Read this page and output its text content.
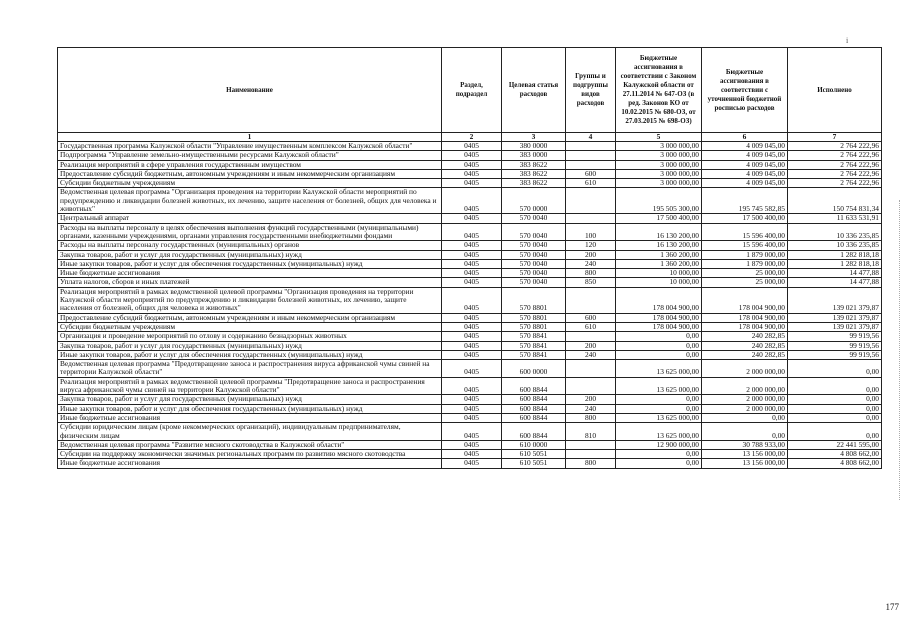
і
Наименование	Раздел, подраздел	Целевая статья расходов	Группы и подгруппы видов расходов	Бюджетные ассигнования в соответствии с Законом Калужской области от 27.11.2014 № 647-ОЗ (в ред. Законов КО от 10.02.2015 № 680-ОЗ, от 27.03.2015 № 698-ОЗ)	Бюджетные ассигнования в соответствии с уточненной бюджетной росписью расходов	Исполнено
1	2	3	4	5	6	7
Государственная программа Калужской области "Управление имущественным комплексом Калужской области"	0405	380 0000		3 000 000,00	4 009 045,00	2 764 222,96
Подпрограмма "Управление земельно-имущественными ресурсами Калужской области"	0405	383 0000		3 000 000,00	4 009 045,00	2 764 222,96
Реализация мероприятий в сфере управления государственным имуществом	0405	383 8622		3 000 000,00	4 009 045,00	2 764 222,96
Предоставление субсидий бюджетным, автономным учреждениям и иным некоммерческим организациям	0405	383 8622	600	3 000 000,00	4 009 045,00	2 764 222,96
Субсидии бюджетным учреждениям	0405	383 8622	610	3 000 000,00	4 009 045,00	2 764 222,96
Ведомственная целевая программа "Организация проведения на территории Калужской области мероприятий по предупреждению и ликвидации болезней животных, их лечению, защите населения от болезней, общих для человека и животных"	0405	570 0000		195 505 300,00	195 745 582,85	150 754 831,34
Центральный аппарат	0405	570 0040		17 500 400,00	17 500 400,00	11 633 531,91
Расходы на выплаты персоналу в целях обеспечения выполнения функций государственными (муниципальными) органами, казенными учреждениями, органами управления государственными внебюджетными фондами	0405	570 0040	100	16 130 200,00	15 596 400,00	10 336 235,85
Расходы на выплаты персоналу государственных (муниципальных) органов	0405	570 0040	120	16 130 200,00	15 596 400,00	10 336 235,85
Закупка товаров, работ и услуг для государственных (муниципальных) нужд	0405	570 0040	200	1 360 200,00	1 879 000,00	1 282 818,18
Иные закупки товаров, работ и услуг для обеспечения государственных (муниципальных) нужд	0405	570 0040	240	1 360 200,00	1 879 000,00	1 282 818,18
Иные бюджетные ассигнования	0405	570 0040	800	10 000,00	25 000,00	14 477,88
Уплата налогов, сборов и иных платежей	0405	570 0040	850	10 000,00	25 000,00	14 477,88
Реализация мероприятий в рамках ведомственной целевой программы "Организация проведения на территории Калужской области мероприятий по предупреждению и ликвидации болезней животных, их лечению, защите населения от болезней, общих для человека и животных"	0405	570 8801		178 004 900,00	178 004 900,00	139 021 379,87
Предоставление субсидий бюджетным, автономным учреждениям и иным некоммерческим организациям	0405	570 8801	600	178 004 900,00	178 004 900,00	139 021 379,87
Субсидии бюджетным учреждениям	0405	570 8801	610	178 004 900,00	178 004 900,00	139 021 379,87
Организация и проведение мероприятий по отлову и содержанию безнадзорных животных	0405	570 8841		0,00	240 282,85	99 919,56
Закупка товаров, работ и услуг для государственных (муниципальных) нужд	0405	570 8841	200	0,00	240 282,85	99 919,56
Иные закупки товаров, работ и услуг для обеспечения государственных (муниципальных) нужд	0405	570 8841	240	0,00	240 282,85	99 919,56
Ведомственная целевая программа "Предотвращение заноса и распространения вируса африканской чумы свиней на территории Калужской области"	0405	600 0000		13 625 000,00	2 000 000,00	0,00
Реализация мероприятий в рамках ведомственной целевой программы "Предотвращение заноса и распространения вируса африканской чумы свиней на территории Калужской области"	0405	600 8844		13 625 000,00	2 000 000,00	0,00
Закупка товаров, работ и услуг для государственных (муниципальных) нужд	0405	600 8844	200	0,00	2 000 000,00	0,00
Иные закупки товаров, работ и услуг для обеспечения государственных (муниципальных) нужд	0405	600 8844	240	0,00	2 000 000,00	0,00
Иные бюджетные ассигнования	0405	600 8844	800	13 625 000,00	0,00	0,00
Субсидии юридическим лицам (кроме некоммерческих организаций), индивидуальным предпринимателям, физическим лицам	0405	600 8844	810	13 625 000,00	0,00	0,00
Ведомственная целевая программа "Развитие мясного скотоводства в Калужской области"	0405	610 0000		12 900 000,00	30 788 933,00	22 441 595,00
Субсидии на поддержку экономически значимых региональных программ по развитию мясного скотоводства	0405	610 5051		0,00	13 156 000,00	4 808 662,00
Иные бюджетные ассигнования	0405	610 5051	800	0,00	13 156 000,00	4 808 662,00
177
